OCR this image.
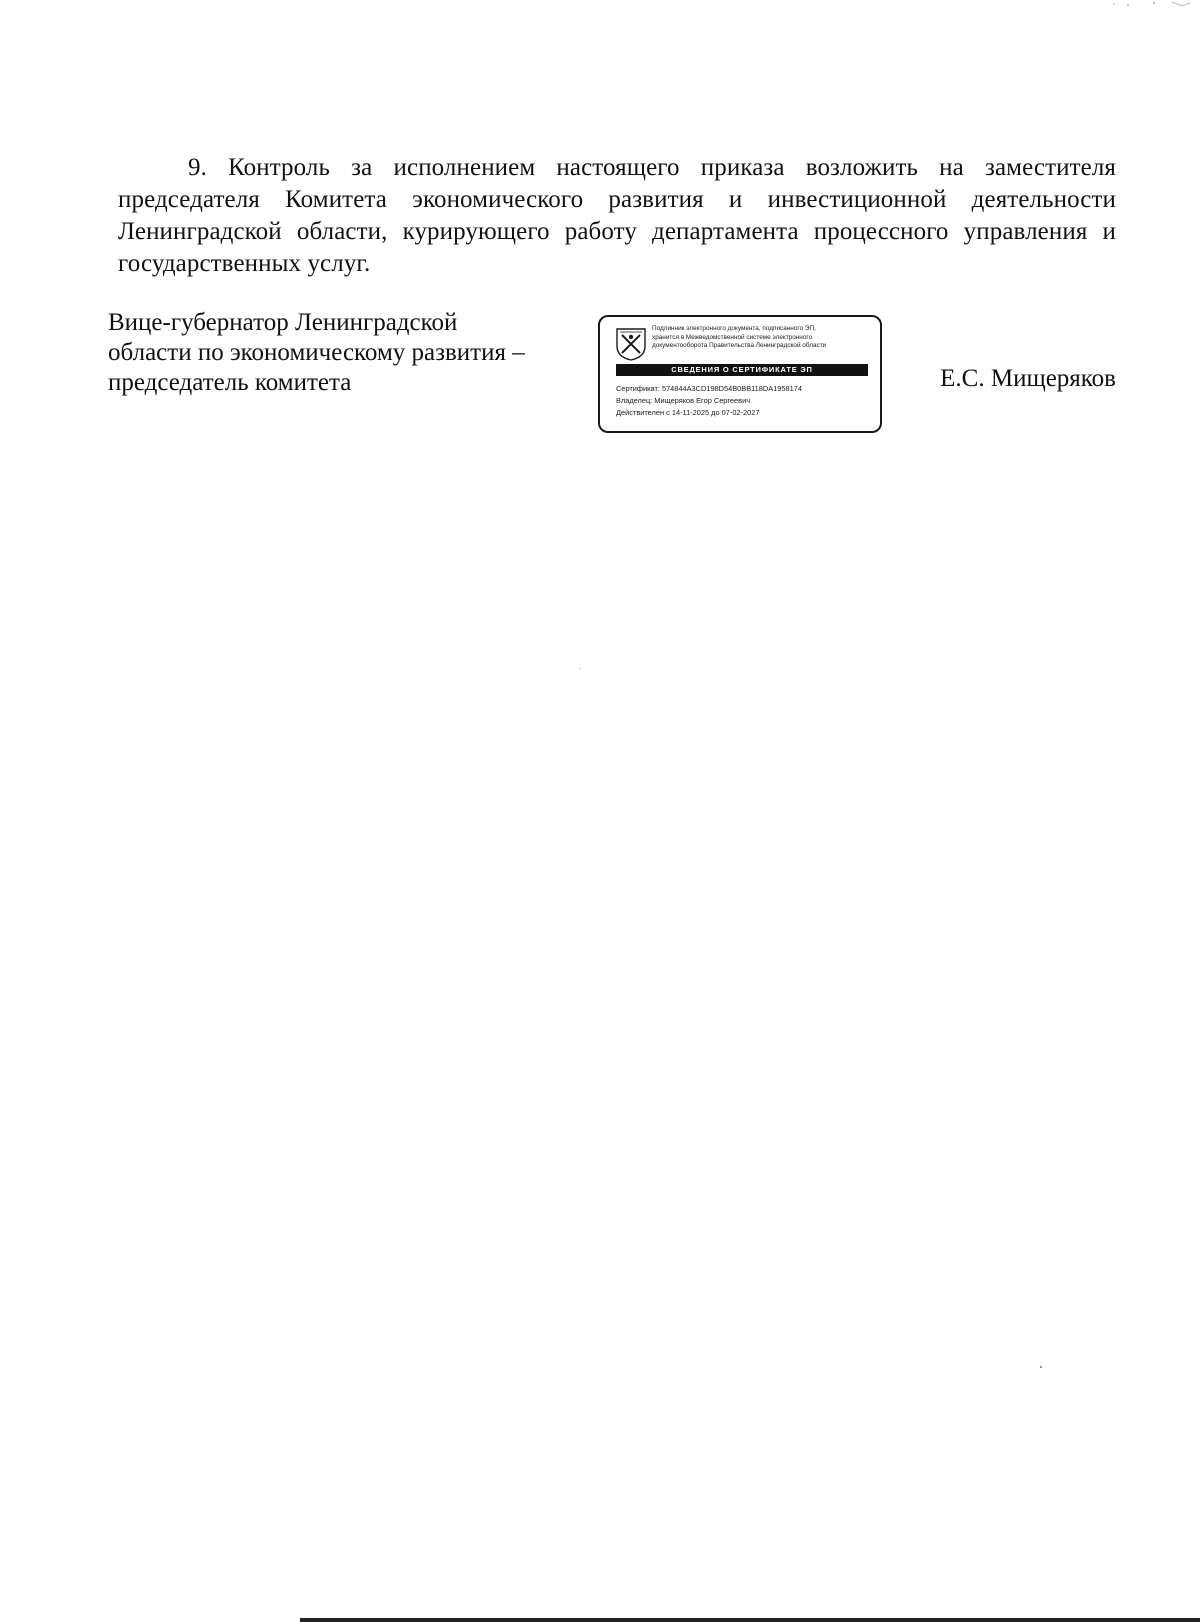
9. Контроль за исполнением настоящего приказа возложить на заместителя председателя Комитета экономического развития и инвестиционной деятельности Ленинградской области, курирующего работу департамента процессного управления и государственных услуг.

Вице-губернатор Ленинградской
области по экономическому развития –
председатель комитета
Подлинник электронного документа, подписанного ЭП,
хранится в Межведомственной системе электронного
документооборота Правительства Ленинградской области
СВЕДЕНИЯ О СЕРТИФИКАТЕ ЭП
Сертификат: 574844A3CD198D54B0BB118DA1958174
Владелец: Мищеряков Егор Сергеевич
Действителен с 14-11-2025 до 07-02-2027
Е.С. Мищеряков
